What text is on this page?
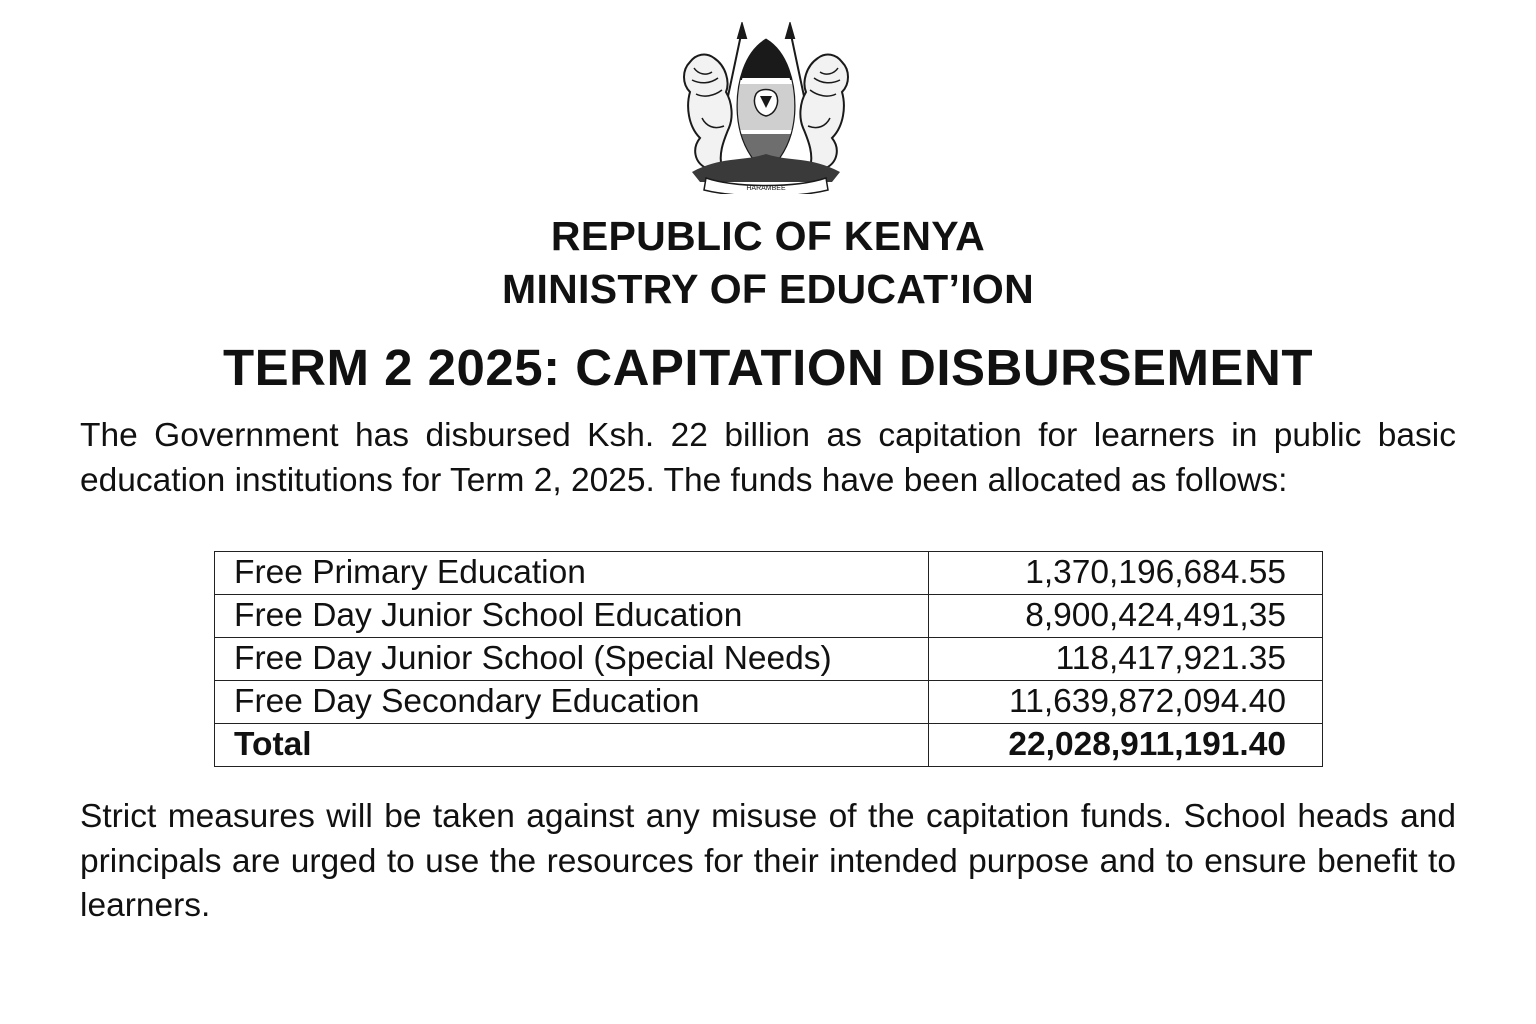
HARAMBEE
REPUBLIC OF KENYA
MINISTRY OF EDUCAT’ION
TERM 2 2025: CAPITATION DISBURSEMENT

The Government has disbursed Ksh. 22 billion as capitation for learners in public basic education institutions for Term 2, 2025. The funds have been allocated as follows:

Free Primary Education	1,370,196,684.55
Free Day Junior School Education	8,900,424,491,35
Free Day Junior School (Special Needs)	118,417,921.35
Free Day Secondary Education	11,639,872,094.40
Total	22,028,911,191.40

Strict measures will be taken against any misuse of the capitation funds. School heads and principals are urged to use the resources for their intended purpose and to ensure benefit to learners.
